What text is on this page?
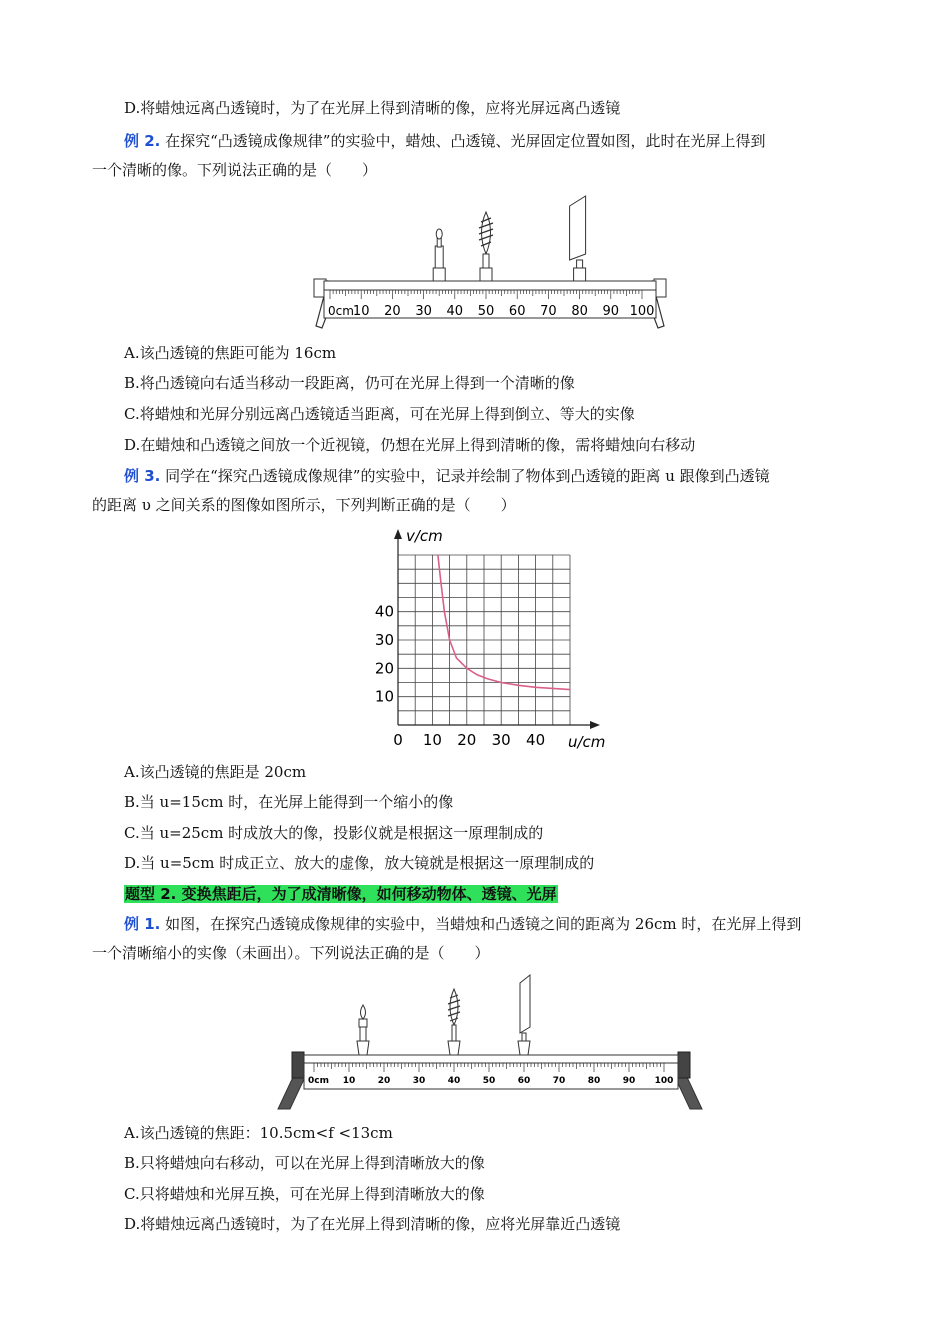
D.将蜡烛远离凸透镜时，为了在光屏上得到清晰的像，应将光屏远离凸透镜
例 2. 在探究“凸透镜成像规律”的实验中，蜡烛、凸透镜、光屏固定位置如图，此时在光屏上得到
一个清晰的像。下列说法正确的是（　　）
0cm 10 20 30 40 50 60 70 80 90 100
A.该凸透镜的焦距可能为 16cm
B.将凸透镜向右适当移动一段距离，仍可在光屏上得到一个清晰的像
C.将蜡烛和光屏分别远离凸透镜适当距离，可在光屏上得到倒立、等大的实像
D.在蜡烛和凸透镜之间放一个近视镜，仍想在光屏上得到清晰的像，需将蜡烛向右移动
例 3. 同学在“探究凸透镜成像规律”的实验中，记录并绘制了物体到凸透镜的距离 u 跟像到凸透镜
的距离 υ 之间关系的图像如图所示，下列判断正确的是（　　）
10
20
30
40
0 10 20 30 40
v/cm
u/cm
A.该凸透镜的焦距是 20cm
B.当 u=15cm 时，在光屏上能得到一个缩小的像
C.当 u=25cm 时成放大的像，投影仪就是根据这一原理制成的
D.当 u=5cm 时成正立、放大的虚像，放大镜就是根据这一原理制成的
题型 2. 变换焦距后，为了成清晰像，如何移动物体、透镜、光屏
例 1. 如图，在探究凸透镜成像规律的实验中，当蜡烛和凸透镜之间的距离为 26cm 时，在光屏上得到
一个清晰缩小的实像（未画出）。下列说法正确的是（　　）
0cm 10 20 30 40 50 60 70 80 90 100
A.该凸透镜的焦距：10.5cm<f <13cm
B.只将蜡烛向右移动，可以在光屏上得到清晰放大的像
C.只将蜡烛和光屏互换，可在光屏上得到清晰放大的像
D.将蜡烛远离凸透镜时，为了在光屏上得到清晰的像，应将光屏靠近凸透镜
